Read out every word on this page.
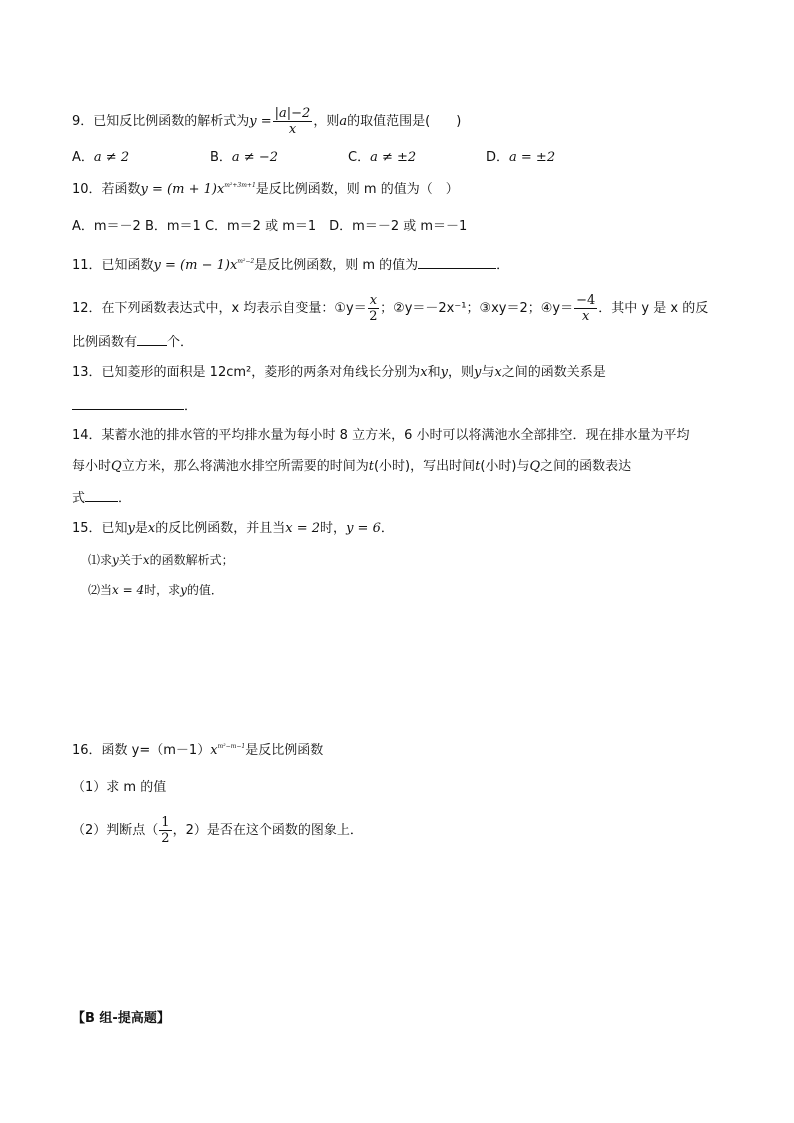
9．已知反比例函数的解析式为$y = \frac{|a|-2}{x}$ ，则a的取值范围是(　　)
A．a ≠ 2	B．a ≠ −2	C．a ≠ ±2	D．a = ±2
10．若函数$y = (m + 1)x^{m^2+3m+1}$是反比例函数，则 m 的值为（　）
A．m＝－2 B．m＝1 C．m＝2 或 m＝1　D．m＝－2 或 m＝－1
11．已知函数$y = (m - 1)x^{m^2-2}$是反比例函数，则 m 的值为	．
12．在下列函数表达式中，x 均表示自变量：①y＝ $\frac{x}{2}$ ；②y＝－2x⁻¹；③xy＝2；④y＝ $\frac{-4}{x}$ ．其中 y 是 x 的反
比例函数有 个．
13．已知菱形的面积是 12cm²，菱形的两条对角线长分别为x和y，则y与x之间的函数关系是
．
14．某蓄水池的排水管的平均排水量为每小时 8 立方米，6 小时可以将满池水全部排空．现在排水量为平均
每小时Q立方米，那么将满池水排空所需要的时间为t(小时)，写出时间t(小时)与Q之间的函数表达
式	．
15．已知y是x的反比例函数，并且当x = 2时，y = 6．
⑴求y关于x的函数解析式；
⑵当x = 4时，求y的值．
16．函数 $y=(m-1)x^{m^2-m-1}$是反比例函数
（1）求 m 的值
（2）判断点（ $\frac{1}{2}$ ，2）是否在这个函数的图象上．
【B 组-提高题】
